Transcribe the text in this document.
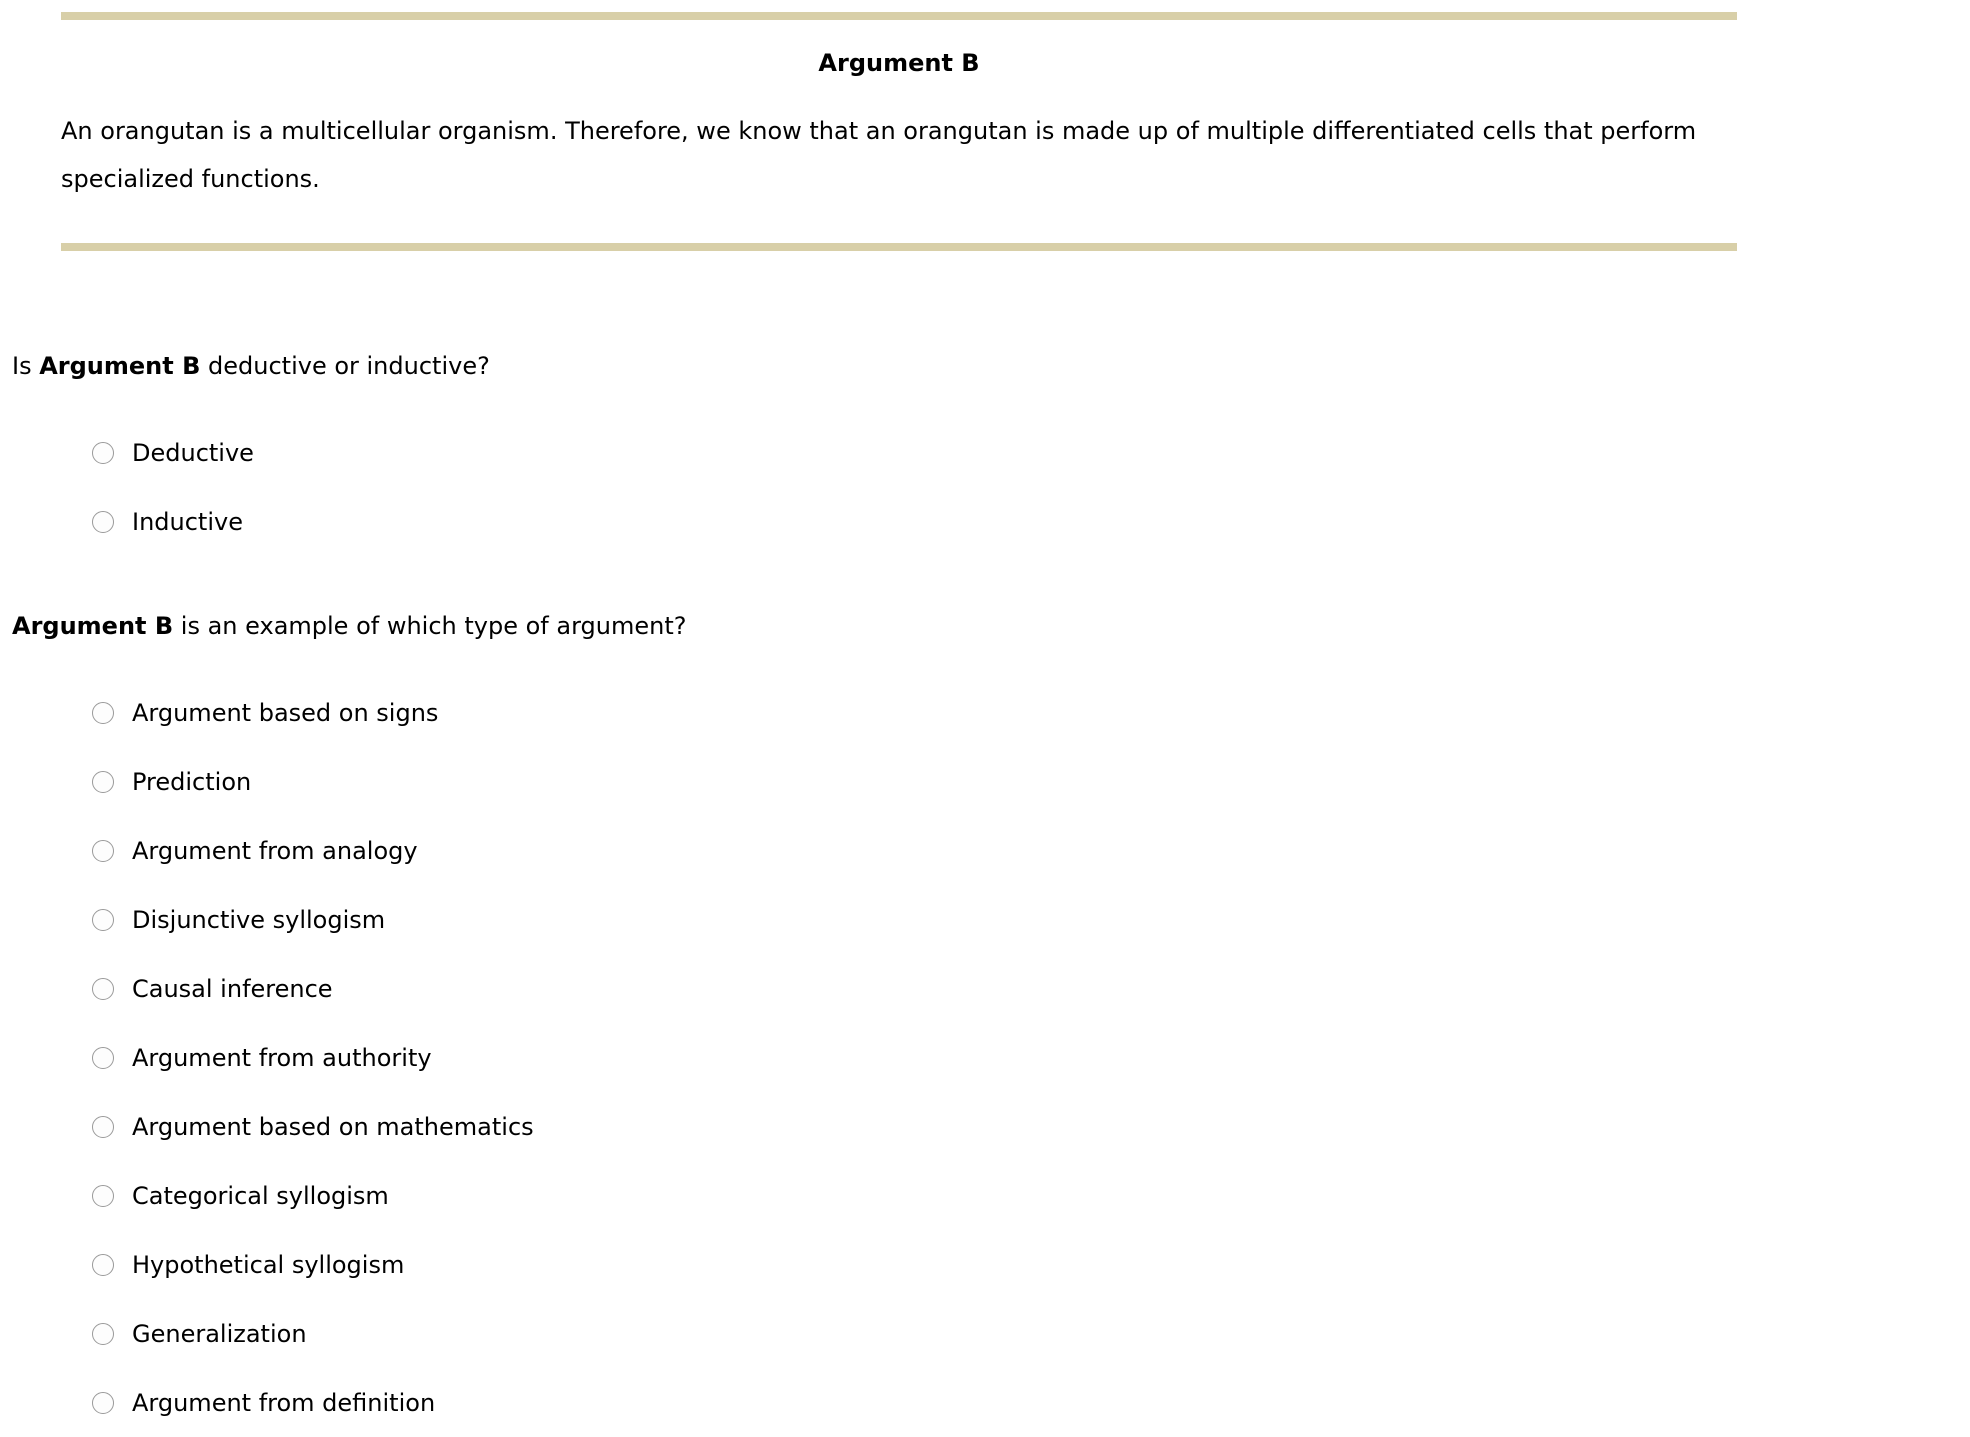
Argument B
An orangutan is a multicellular organism. Therefore, we know that an orangutan is made up of multiple differentiated cells that perform specialized functions.
Is Argument B deductive or inductive?
Deductive
Inductive
Argument B is an example of which type of argument?
Argument based on signs
Prediction
Argument from analogy
Disjunctive syllogism
Causal inference
Argument from authority
Argument based on mathematics
Categorical syllogism
Hypothetical syllogism
Generalization
Argument from definition
